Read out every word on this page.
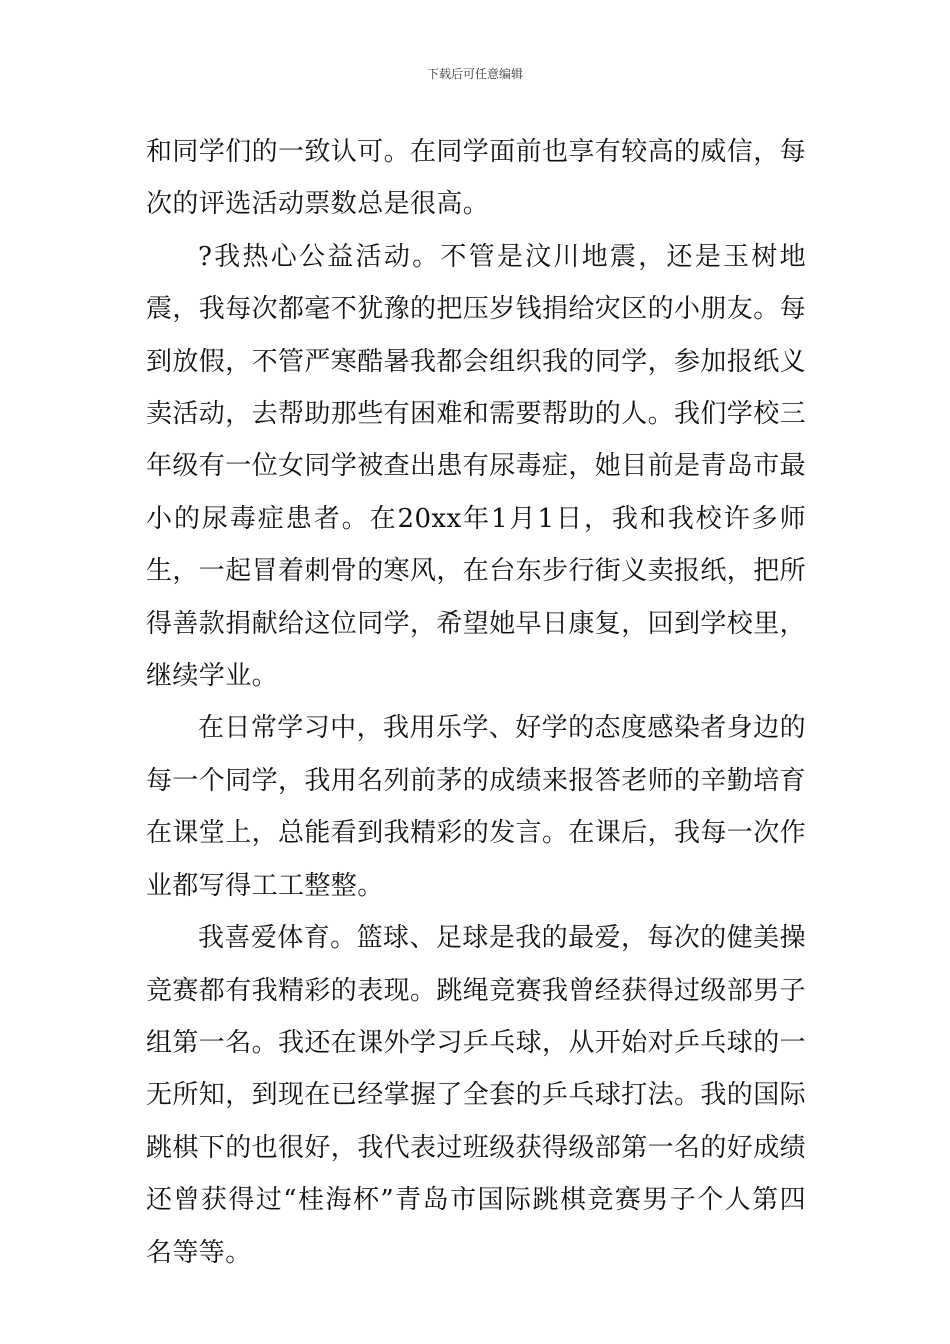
下载后可任意编辑

和同学们的一致认可。在同学面前也享有较高的威信，每次的评选活动票数总是很高。

?我热心公益活动。不管是汶川地震，还是玉树地震，我每次都毫不犹豫的把压岁钱捐给灾区的小朋友。每到放假，不管严寒酷暑我都会组织我的同学，参加报纸义卖活动，去帮助那些有困难和需要帮助的人。我们学校三年级有一位女同学被查出患有尿毒症，她目前是青岛市最小的尿毒症患者。在20xx年1月1日，我和我校许多师生，一起冒着刺骨的寒风，在台东步行街义卖报纸，把所得善款捐献给这位同学，希望她早日康复，回到学校里，继续学业。

在日常学习中，我用乐学、好学的态度感染者身边的每一个同学，我用名列前茅的成绩来报答老师的辛勤培育在课堂上，总能看到我精彩的发言。在课后，我每一次作业都写得工工整整。

我喜爱体育。篮球、足球是我的最爱，每次的健美操竞赛都有我精彩的表现。跳绳竞赛我曾经获得过级部男子组第一名。我还在课外学习乒乓球，从开始对乒乓球的一无所知，到现在已经掌握了全套的乒乓球打法。我的国际跳棋下的也很好，我代表过班级获得级部第一名的好成绩还曾获得过“桂海杯”青岛市国际跳棋竞赛男子个人第四名等等。
